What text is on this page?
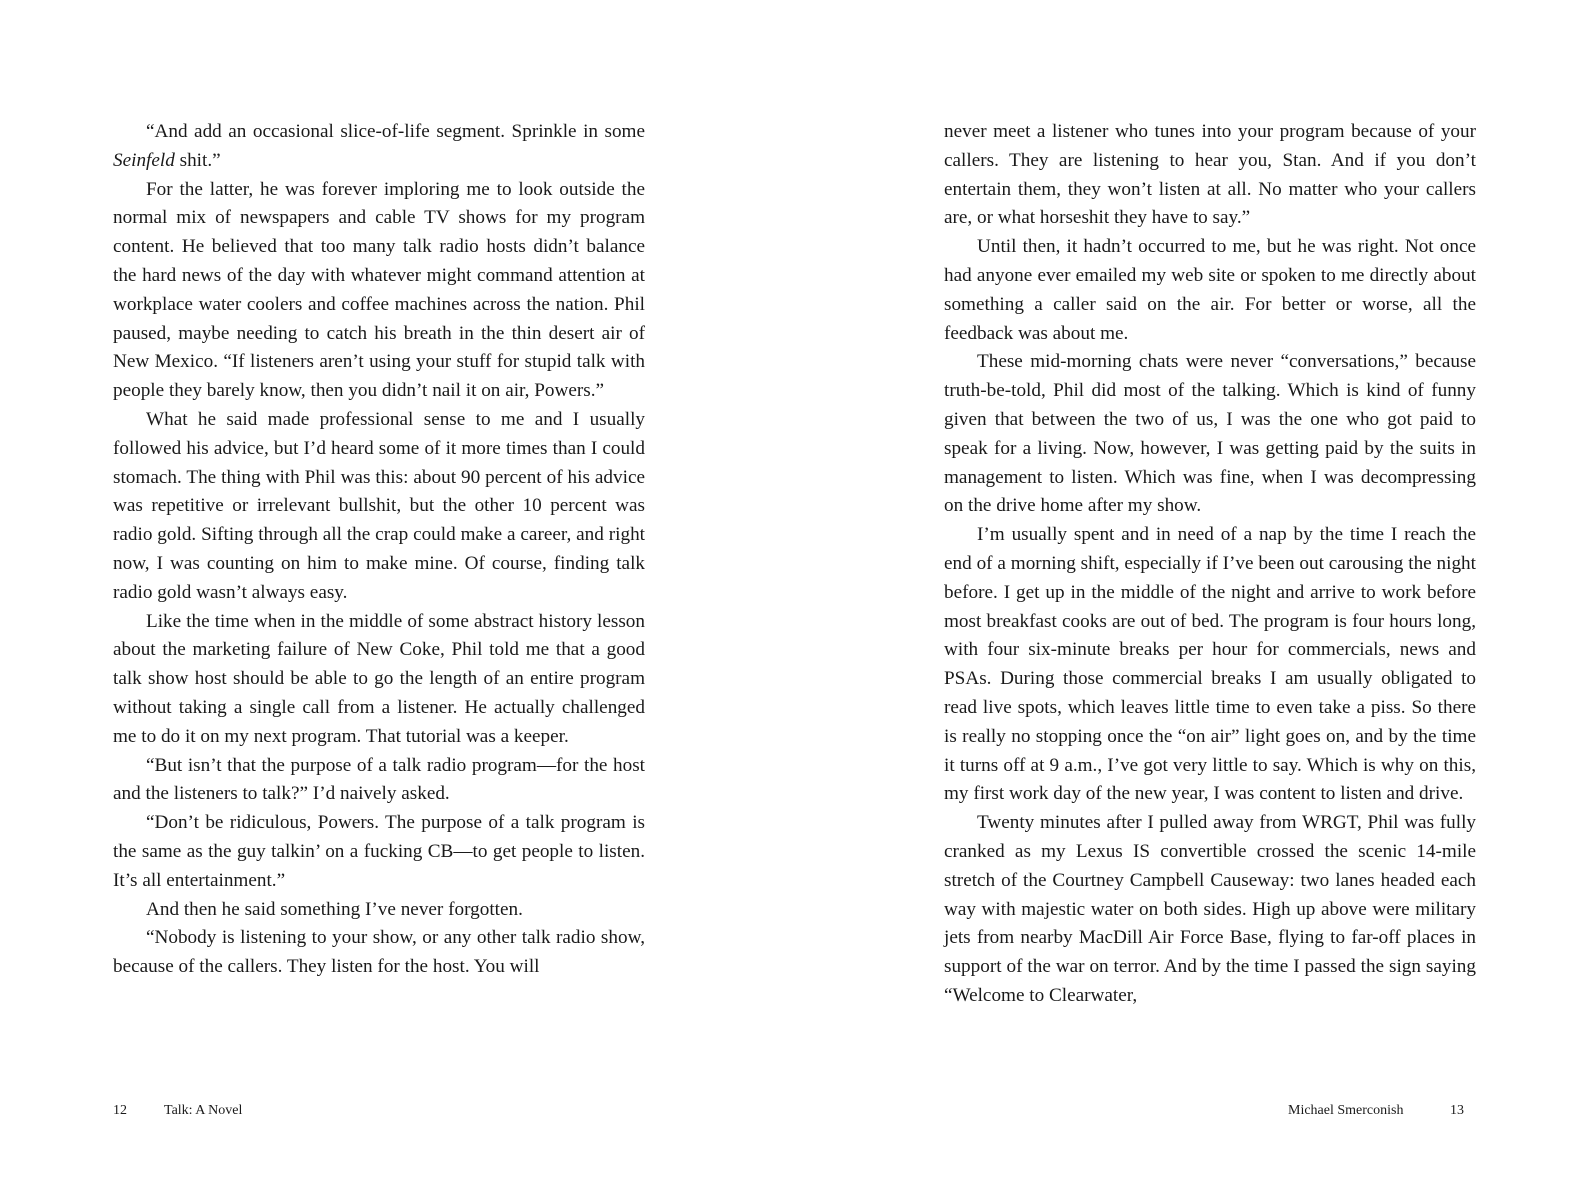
“And add an occasional slice-of-life segment. Sprinkle in some Seinfeld shit.”

For the latter, he was forever imploring me to look outside the normal mix of newspapers and cable TV shows for my program content. He believed that too many talk radio hosts didn’t balance the hard news of the day with whatever might command attention at workplace water coolers and coffee machines across the nation. Phil paused, maybe needing to catch his breath in the thin desert air of New Mexico. “If listeners aren’t using your stuff for stupid talk with people they barely know, then you didn’t nail it on air, Powers.”

What he said made professional sense to me and I usually followed his advice, but I’d heard some of it more times than I could stomach. The thing with Phil was this: about 90 percent of his advice was repetitive or irrelevant bullshit, but the other 10 percent was radio gold. Sifting through all the crap could make a career, and right now, I was counting on him to make mine. Of course, finding talk radio gold wasn’t always easy.

Like the time when in the middle of some abstract history lesson about the marketing failure of New Coke, Phil told me that a good talk show host should be able to go the length of an entire program without taking a single call from a listener. He actually challenged me to do it on my next program. That tutorial was a keeper.

“But isn’t that the purpose of a talk radio program—for the host and the listeners to talk?” I’d naively asked.

“Don’t be ridiculous, Powers. The purpose of a talk program is the same as the guy talkin’ on a fucking CB—to get people to listen. It’s all entertainment.”

And then he said something I’ve never forgotten.

“Nobody is listening to your show, or any other talk radio show, because of the callers. They listen for the host. You will

never meet a listener who tunes into your program because of your callers. They are listening to hear you, Stan. And if you don’t entertain them, they won’t listen at all. No matter who your callers are, or what horseshit they have to say.”

Until then, it hadn’t occurred to me, but he was right. Not once had anyone ever emailed my web site or spoken to me directly about something a caller said on the air. For better or worse, all the feedback was about me.

These mid-morning chats were never “conversations,” because truth-be-told, Phil did most of the talking. Which is kind of funny given that between the two of us, I was the one who got paid to speak for a living. Now, however, I was getting paid by the suits in management to listen. Which was fine, when I was decompressing on the drive home after my show.

I’m usually spent and in need of a nap by the time I reach the end of a morning shift, especially if I’ve been out carousing the night before. I get up in the middle of the night and arrive to work before most breakfast cooks are out of bed. The program is four hours long, with four six-minute breaks per hour for commercials, news and PSAs. During those commercial breaks I am usually obligated to read live spots, which leaves little time to even take a piss. So there is really no stopping once the “on air” light goes on, and by the time it turns off at 9 a.m., I’ve got very little to say. Which is why on this, my first work day of the new year, I was content to listen and drive.

Twenty minutes after I pulled away from WRGT, Phil was fully cranked as my Lexus IS convertible crossed the scenic 14-mile stretch of the Courtney Campbell Causeway: two lanes headed each way with majestic water on both sides. High up above were military jets from nearby MacDill Air Force Base, flying to far-off places in support of the war on terror. And by the time I passed the sign saying “Welcome to Clearwater,

12	Talk: A Novel	Michael Smerconish	13
